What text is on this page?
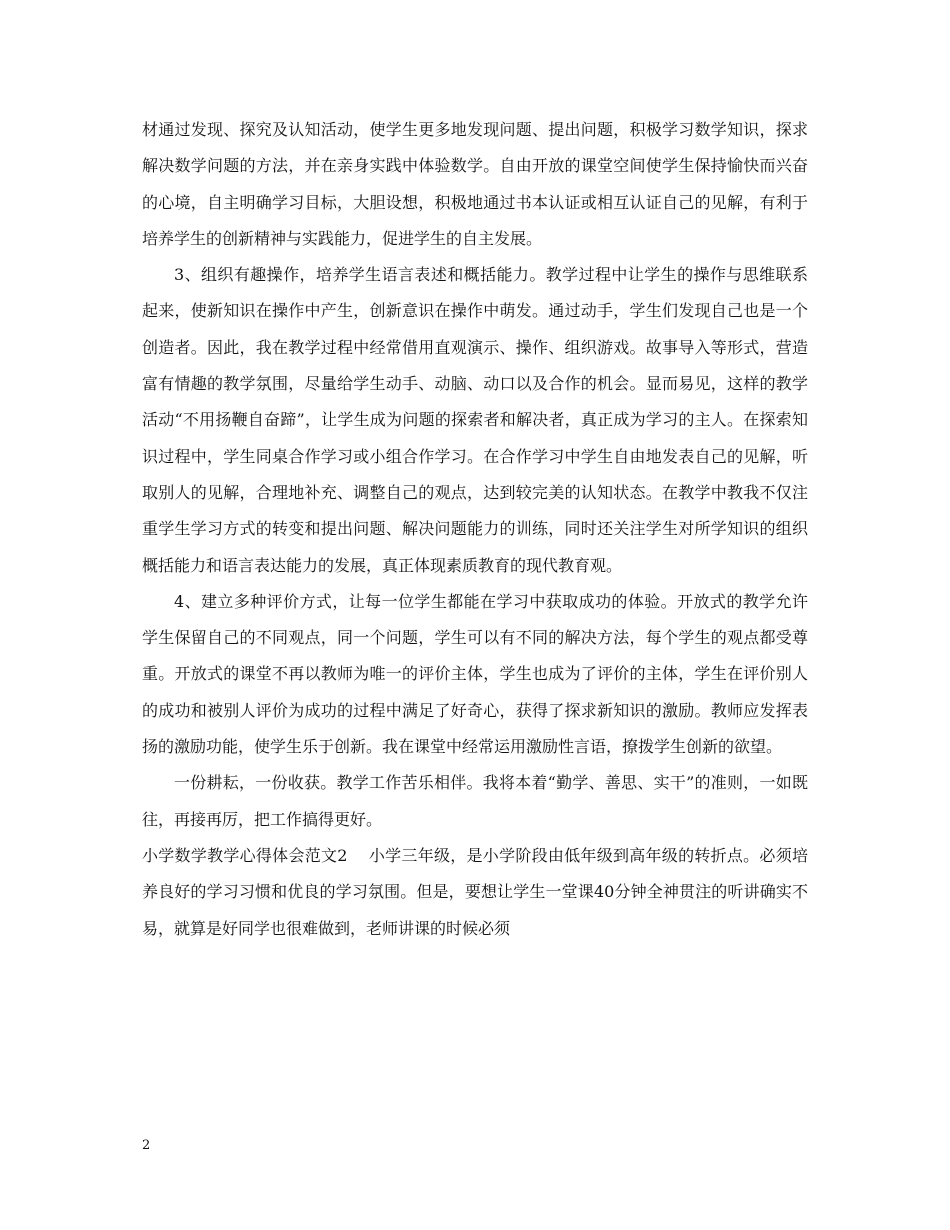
材通过发现、探究及认知活动，使学生更多地发现问题、提出问题，积极学习数学知识，探求解决数学问题的方法，并在亲身实践中体验数学。自由开放的课堂空间使学生保持愉快而兴奋的心境，自主明确学习目标，大胆设想，积极地通过书本认证或相互认证自己的见解，有利于培养学生的创新精神与实践能力，促进学生的自主发展。

3、组织有趣操作，培养学生语言表述和概括能力。教学过程中让学生的操作与思维联系起来，使新知识在操作中产生，创新意识在操作中萌发。通过动手，学生们发现自己也是一个创造者。因此，我在教学过程中经常借用直观演示、操作、组织游戏。故事导入等形式，营造富有情趣的教学氛围，尽量给学生动手、动脑、动口以及合作的机会。显而易见，这样的教学活动“不用扬鞭自奋蹄”，让学生成为问题的探索者和解决者，真正成为学习的主人。在探索知识过程中，学生同桌合作学习或小组合作学习。在合作学习中学生自由地发表自己的见解，听取别人的见解，合理地补充、调整自己的观点，达到较完美的认知状态。在教学中教我不仅注重学生学习方式的转变和提出问题、解决问题能力的训练，同时还关注学生对所学知识的组织概括能力和语言表达能力的发展，真正体现素质教育的现代教育观。

4、建立多种评价方式，让每一位学生都能在学习中获取成功的体验。开放式的教学允许学生保留自己的不同观点，同一个问题，学生可以有不同的解决方法，每个学生的观点都受尊重。开放式的课堂不再以教师为唯一的评价主体，学生也成为了评价的主体，学生在评价别人的成功和被别人评价为成功的过程中满足了好奇心，获得了探求新知识的激励。教师应发挥表扬的激励功能，使学生乐于创新。我在课堂中经常运用激励性言语，撩拨学生创新的欲望。

一份耕耘，一份收获。教学工作苦乐相伴。我将本着“勤学、善思、实干”的准则，一如既往，再接再厉，把工作搞得更好。

小学数学教学心得体会范文2 小学三年级，是小学阶段由低年级到高年级的转折点。必须培养良好的学习习惯和优良的学习氛围。但是，要想让学生一堂课40分钟全神贯注的听讲确实不易，就算是好同学也很难做到，老师讲课的时候必须

2
